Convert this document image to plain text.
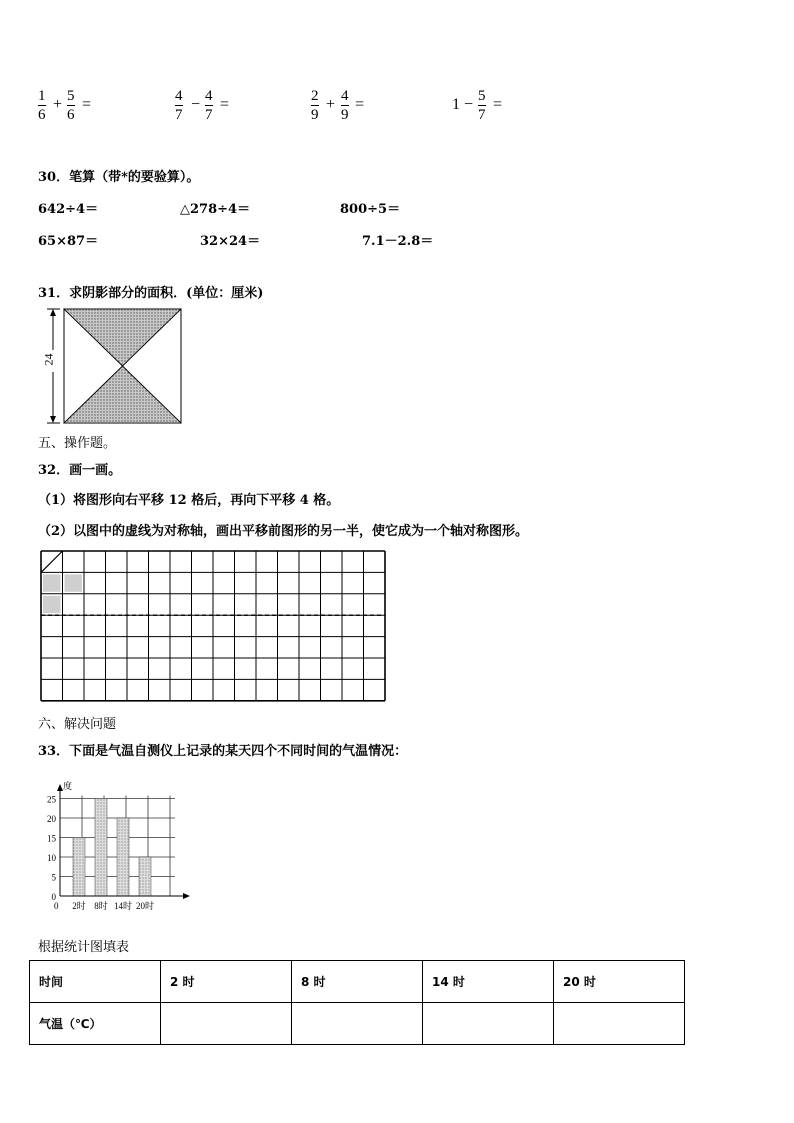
1
6
+ 5
6
=	4
7
− 4
7
=	2
9
+ 4
9
=	1 − 5
7
=
30．笔算（带*的要验算）。
642÷4＝	△278÷4＝	800÷5＝
65×87＝	32×24＝	7.1－2.8＝
31．求阴影部分的面积．(单位：厘米)
24
五、操作题。
32．画一画。
（1）将图形向右平移 12 格后，再向下平移 4 格。
（2）以图中的虚线为对称轴，画出平移前图形的另一半，使它成为一个轴对称图形。
六、解决问题
33．下面是气温自测仪上记录的某天四个不同时间的气温情况：
0
5
10
15
20
25
2时 8时 14时 20时
度
0
根据统计图填表
时间	2 时	8 时	14 时	20 时
气温（℃）				
